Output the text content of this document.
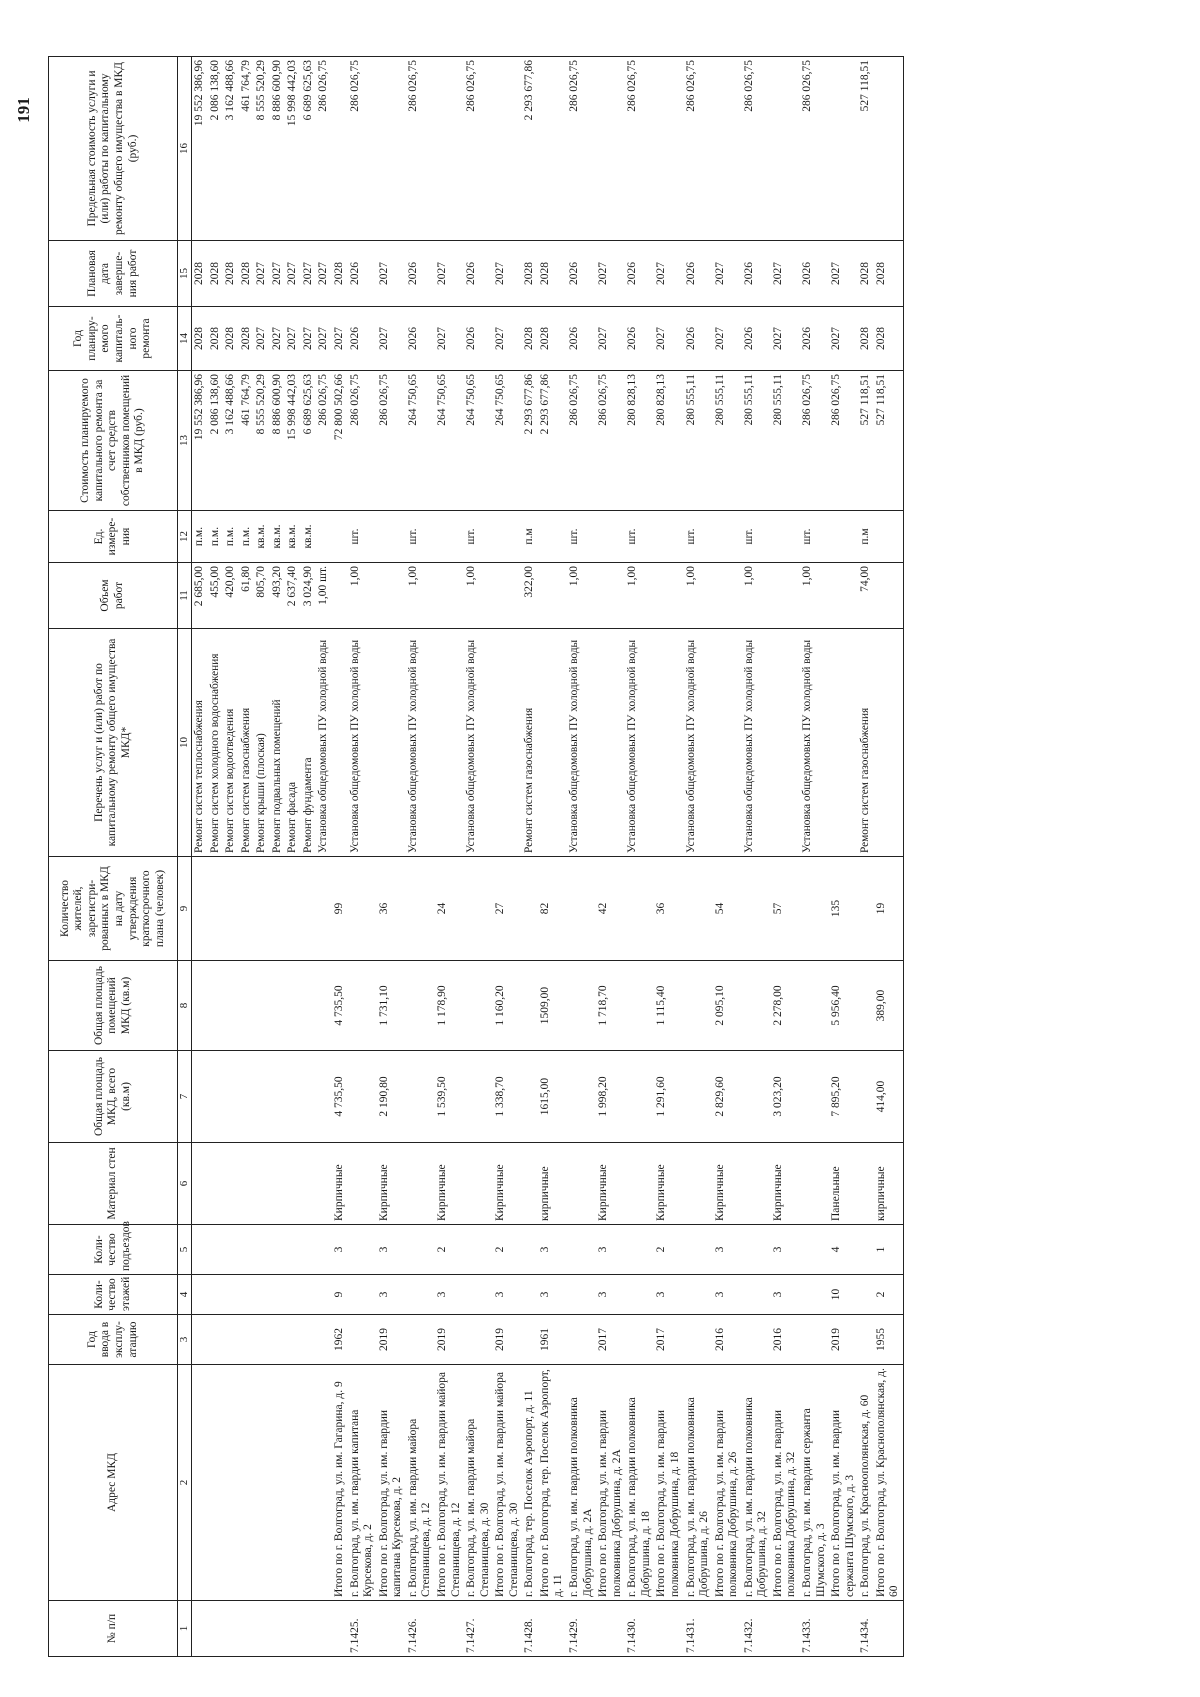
191
№ п/п	Адрес МКД	Год ввода в эксплу-атацию	Коли-чество этажей	Коли-чество подъездов	Материал стен	Общая площадь МКД, всего (кв.м)	Общая площадь помещений МКД (кв.м)	Количество жителей, зарегистри-рованных в МКД на дату утверждения краткосрочного плана (человек)	Перечень услуг и (или) работ по капитальному ремонту общего имущества МКД*	Объем работ	Ед. измере-ния	Стоимость планируемого капитального ремонта за счет средств собственников помещений в МКД (руб.)	Год планиру-емого капиталь-ного ремонта	Плановая дата заверше-ния работ	Предельная стоимость услуги и (или) работы по капитальному ремонту общего имущества в МКД (руб.)
1	2	3	4	5	6	7	8	9	10	11	12	13	14	15	16
									Ремонт систем теплоснабжения	2 685,00	п.м.	19 552 386,96	2028	2028	19 552 386,96
									Ремонт систем холодного водоснабжения	455,00	п.м.	2 086 138,60	2028	2028	2 086 138,60
									Ремонт систем водоотведения	420,00	п.м.	3 162 488,66	2028	2028	3 162 488,66
									Ремонт систем газоснабжения	61,80	п.м.	461 764,79	2028	2028	461 764,79
									Ремонт крыши (плоская)	805,70	кв.м.	8 555 520,29	2027	2027	8 555 520,29
									Ремонт подвальных помещений	493,20	кв.м.	8 886 600,90	2027	2027	8 886 600,90
									Ремонт фасада	2 637,40	кв.м.	15 998 442,03	2027	2027	15 998 442,03
									Ремонт фундамента	3 024,90	кв.м.	6 689 625,63	2027	2027	6 689 625,63
									Установка общедомовых ПУ холодной воды	1,00 шт.		286 026,75	2027	2027	286 026,75
	Итого по г. Волгоград, ул. им. Гагарина, д. 9	1962	9	3	Кирпичные	4 735,50	4 735,50	99				72 800 502,66	2027	2028	
7.1425.	г. Волгоград, ул. им. гвардии капитана Курсекова, д. 2								Установка общедомовых ПУ холодной воды	1,00	шт.	286 026,75	2026	2026	286 026,75
	Итого по г. Волгоград, ул. им. гвардии капитана Курсекова, д. 2	2019	3	3	Кирпичные	2 190,80	1 731,10	36				286 026,75	2027	2027	
7.1426.	г. Волгоград, ул. им. гвардии майора Степанищева, д. 12								Установка общедомовых ПУ холодной воды	1,00	шт.	264 750,65	2026	2026	286 026,75
	Итого по г. Волгоград, ул. им. гвардии майора Степанищева, д. 12	2019	3	2	Кирпичные	1 539,50	1 178,90	24				264 750,65	2027	2027	
7.1427.	г. Волгоград, ул. им. гвардии майора Степанищева, д. 30								Установка общедомовых ПУ холодной воды	1,00	шт.	264 750,65	2026	2026	286 026,75
	Итого по г. Волгоград, ул. им. гвардии майора Степанищева, д. 30	2019	3	2	Кирпичные	1 338,70	1 160,20	27				264 750,65	2027	2027	
7.1428.	г. Волгоград, тер. Поселок Аэропорт, д. 11								Ремонт систем газоснабжения	322,00	п.м	2 293 677,86	2028	2028	2 293 677,86
	Итого по г. Волгоград, тер. Поселок Аэропорт, д. 11	1961	3	3	кирпичные	1615,00	1509,00	82				2 293 677,86	2028	2028	
7.1429.	г. Волгоград, ул. им. гвардии полковника Добрушина, д. 2А								Установка общедомовых ПУ холодной воды	1,00	шт.	286 026,75	2026	2026	286 026,75
	Итого по г. Волгоград, ул. им. гвардии полковника Добрушина, д. 2А	2017	3	3	Кирпичные	1 998,20	1 718,70	42				286 026,75	2027	2027	
7.1430.	г. Волгоград, ул. им. гвардии полковника Добрушина, д. 18								Установка общедомовых ПУ холодной воды	1,00	шт.	280 828,13	2026	2026	286 026,75
	Итого по г. Волгоград, ул. им. гвардии полковника Добрушина, д. 18	2017	3	2	Кирпичные	1 291,60	1 115,40	36				280 828,13	2027	2027	
7.1431.	г. Волгоград, ул. им. гвардии полковника Добрушина, д. 26								Установка общедомовых ПУ холодной воды	1,00	шт.	280 555,11	2026	2026	286 026,75
	Итого по г. Волгоград, ул. им. гвардии полковника Добрушина, д. 26	2016	3	3	Кирпичные	2 829,60	2 095,10	54				280 555,11	2027	2027	
7.1432.	г. Волгоград, ул. им. гвардии полковника Добрушина, д. 32								Установка общедомовых ПУ холодной воды	1,00	шт.	280 555,11	2026	2026	286 026,75
	Итого по г. Волгоград, ул. им. гвардии полковника Добрушина, д. 32	2016	3	3	Кирпичные	3 023,20	2 278,00	57				280 555,11	2027	2027	
7.1433.	г. Волгоград, ул. им. гвардии сержанта Шумского, д. 3								Установка общедомовых ПУ холодной воды	1,00	шт.	286 026,75	2026	2026	286 026,75
	Итого по г. Волгоград, ул. им. гвардии сержанта Шумского, д. 3	2019	10	4	Панельные	7 895,20	5 956,40	135				286 026,75	2027	2027	
7.1434.	г. Волгоград, ул. Красноополянская, д. 60								Ремонт систем газоснабжения	74,00	п.м	527 118,51	2028	2028	527 118,51
	Итого по г. Волгоград, ул. Краснополянская, д. 60	1955	2	1	кирпичные	414,00	389,00	19				527 118,51	2028	2028	
